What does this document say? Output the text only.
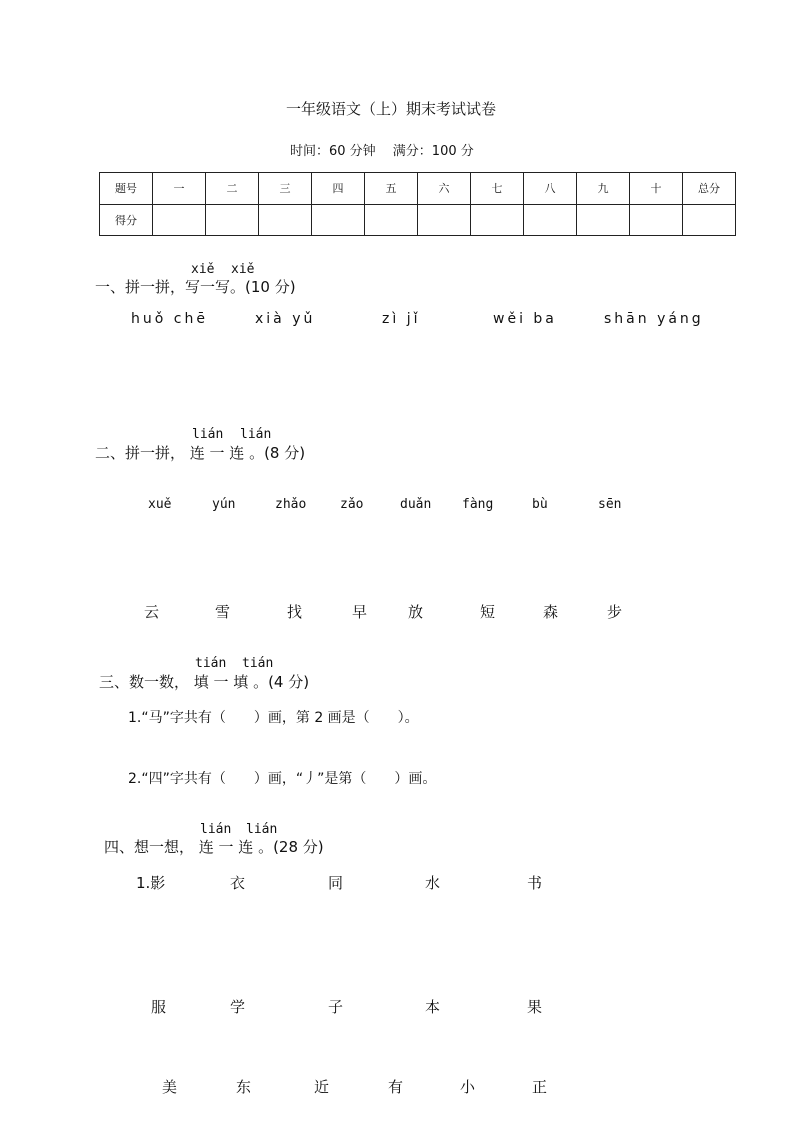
一年级语文（上）期末考试试卷
时间：60 分钟　 满分：100 分
题号	一	二	三	四	五	六	七	八	九	十	总分
得分											
xiě xiě
一、拼一拼，写一写。(10 分)
lián lián
二、拼一拼， 连 一 连 。(8 分)
tián tián
三、数一数， 填 一 填 。(4 分)
1.“马”字共有（　　）画，第 2 画是（　　）。
2.“四”字共有（　　）画，“丿”是第（　　）画。
lián lián
四、想一想， 连 一 连 。(28 分)
huǒ chē	xià yǔ	zì jǐ	wěi ba	shān yáng
xuě	yún	zhǎo	zǎo	duǎn fàng	bù	sēn
云	雪	找	早	放	短	森	步
1.影	衣	同	水	书
服	学	子	本	果
美	东	近	有	小	正
